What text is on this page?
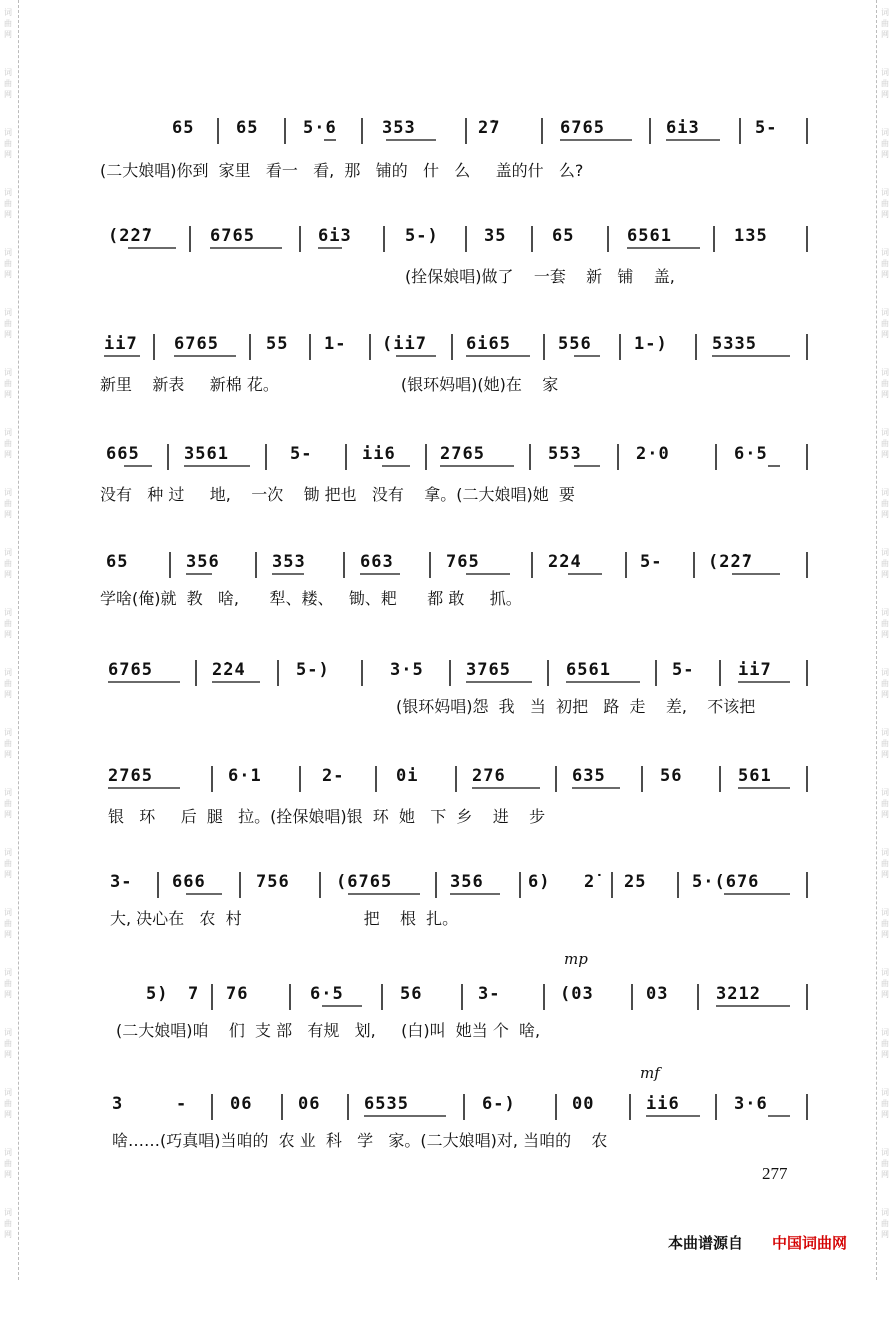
词	词
曲	曲
网	网
词	词
曲	曲
网	网
词	词
曲	曲
网	网
词	词
曲	曲
网	网
词	词
曲	曲
网	网
词	词
曲	曲
网	网
词	词
曲	曲
网	网
词	词
曲	曲
网	网
词	词
曲	曲
网	网
词	词
曲	曲
网	网
词	词
曲	曲
网	网
词	词
曲	曲
网	网
词	词
曲	曲
网	网
词	词
曲	曲
网	网
词	词
曲	曲
网	网
词	词
曲	曲
网	网
词	词
曲	曲
网	网
词	词
曲	曲
网	网
词	词
曲	曲
网	网
词	词
曲	曲
网	网
词	词
曲	曲
网	网

65

65

	5·6

	353

	2̇7

	6765

	6i3

	5-

(二大娘唱)你到  家里   看一   看,  那   铺的   什   么     盖的什   么?

(2̇2̇7

	6765

	6i3

	5-)

	35

	65

	6561

	135

(拴保娘唱)做了    一套    新   铺    盖,

ii7

6765

	55

1-

(ii7

6i65

	556

1-)

	5335

新里    新表     新棉 花。                        (银环妈唱)(她)在    家

665

	3561

	5-

	ii6

	2765

	553

	2·0

	6·5

没有   种 过     地,    一次    锄 把也   没有    拿。(二大娘唱)她  要

65

	356

	353

	663

	765

	2̇24

	5-

	(2̇2̇7

学啥(俺)就  教   啥,      犁、耧、   锄、耙      都 敢     抓。

6765

	2̇24

	5-)

	3·5

3765

	6561

	5-

	ii7

(银环妈唱)怨  我   当  初把   路  走    差,    不该把

2765

	6·1

	2-

	0i

	276

	635

	56

	561

银   环     后  腿   拉。(拴保娘唱)银  环  她   下  乡    进    步

3-

666

	756

	(6765

	356

	6)

2̇

25

	5·(676

大, 决心在   农  村                        把    根  扎。
mp

5)

7

76

	6·5

	56

	3-

	(03

	03

	3212

(二大娘唱)咱    们  支 部   有规   划,     (白)叫  她当 个  啥,
mf

3

	-

	06

	06

	6535

	6-)

	00

	ii6

	3·6

啥……(巧真唱)当咱的  农 业  科   学   家。(二大娘唱)对, 当咱的    农
277
本曲谱源自 中国词曲网
